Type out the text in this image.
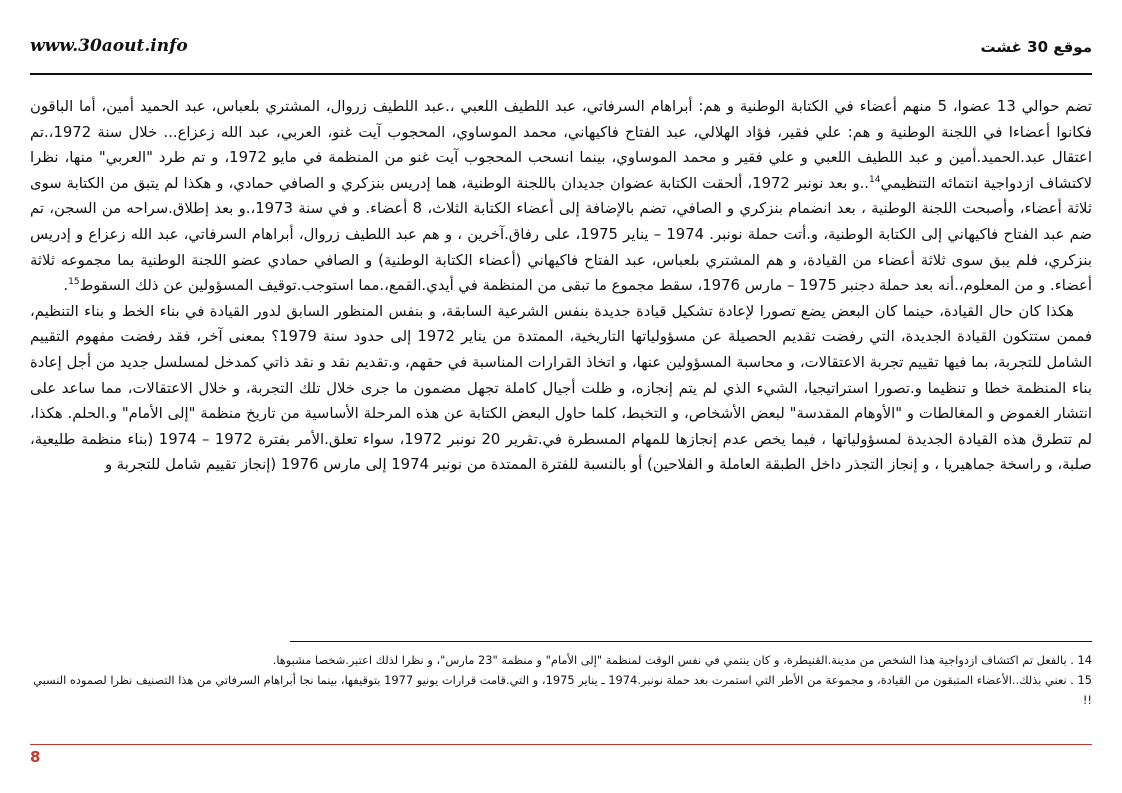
www.30aout.info	موقع 30 غشت

تضم حوالي 13 عضوا، 5 منهم أعضاء في الكتابة الوطنية و هم: أبراهام السرفاتي، عبد اللطيف اللعبي ،.عبد اللطيف زروال، المشتري بلعباس، عبد الحميد أمين، أما الباقون فكانوا أعضاءا في اللجنة الوطنية و هم: علي فقير، فؤاد الهلالي، عبد الفتاح فاكيهاني، محمد الموساوي، المحجوب آيت غنو، العربي، عبد الله زعزاع... خلال سنة 1972،.تم اعتقال عبد.الحميد.أمين و عبد اللطيف اللعبي و علي فقير و محمد الموساوي، بينما انسحب المحجوب آيت غنو من المنظمة في مايو 1972، و تم طرد "العربي" منها، نظرا لاكتشاف ازدواجية انتمائه التنظيمي$^{14}$..و بعد نونبر 1972، ألحقت الكتابة عضوان جديدان باللجنة الوطنية، هما إدريس بنزكري و الصافي حمادي، و هكذا لم يتبق من الكتابة سوى ثلاثة أعضاء، وأصبحت اللجنة الوطنية ، بعد انضمام بنزكري و الصافي، تضم بالإضافة إلى أعضاء الكتابة الثلاث، 8 أعضاء. و في سنة 1973،.و بعد إطلاق.سراحه من السجن، تم ضم عبد الفتاح فاكيهاني إلى الكتابة الوطنية، و.أتت حملة نونبر. 1974 – يناير 1975، على رفاق.آخرين ، و هم عبد اللطيف زروال، أبراهام السرفاتي، عبد الله زعزاع و إدريس بنزكري، فلم يبق سوى ثلاثة أعضاء من القيادة، و هم المشتري بلعباس، عبد الفتاح فاكيهاني (أعضاء الكتابة الوطنية) و الصافي حمادي عضو اللجنة الوطنية بما مجموعه ثلاثة أعضاء. و من المعلوم،.أنه بعد حملة دجنبر 1975 – مارس 1976، سقط مجموع ما تبقى من المنظمة في أيدي.القمع،.مما استوجب.توقيف المسؤولين عن ذلك السقوط$^{15}$.

هكذا كان حال القيادة، حينما كان البعض يضع تصورا لإعادة تشكيل قيادة جديدة بنفس الشرعية السابقة، و بنفس المنظور السابق لدور القيادة في بناء الخط و بناء التنظيم، فممن ستتكون القيادة الجديدة، التي رفضت تقديم الحصيلة عن مسؤولياتها التاريخية، الممتدة من يناير 1972 إلى حدود سنة 1979؟ بمعنى آخر، فقد رفضت مفهوم التقييم الشامل للتجربة، بما فيها تقييم تجربة الاعتقالات، و محاسبة المسؤولين عنها، و اتخاذ القرارات المناسبة في حقهم، و.تقديم نقد و نقد ذاتي كمدخل لمسلسل جديد من أجل إعادة بناء المنظمة خطا و تنظيما و.تصورا استراتيجيا، الشيء الذي لم يتم إنجازه، و ظلت أجيال كاملة تجهل مضمون ما جرى خلال تلك التجربة، و خلال الاعتقالات، مما ساعد على انتشار الغموض و المغالطات و "الأوهام المقدسة" لبعض الأشخاص، و التخبط، كلما حاول البعض الكتابة عن هذه المرحلة الأساسية من تاريخ منظمة "إلى الأمام" و.الحلم. هكذا، لم تتطرق هذه القيادة الجديدة لمسؤولياتها ، فيما يخص عدم إنجازها للمهام المسطرة في.تقرير 20 نونبر 1972، سواء تعلق.الأمر بفترة 1972 – 1974 (بناء منظمة طليعية، صلبة، و راسخة جماهيريا ، و إنجاز التجذر داخل الطبقة العاملة و الفلاحين) أو بالنسبة للفترة الممتدة من نونبر 1974 إلى مارس 1976 (إنجاز تقييم شامل للتجربة و

14 . بالفعل تم اكتشاف ازدواجية هذا الشخص من مدينة.القنيطرة، و كان ينتمي في نفس الوقت لمنظمة "إلى الأمام" و منظمة "23 مارس"، و نظرا لذلك اعتبر.شخصا مشبوها.

15 . نعني بذلك..الأعضاء المتبقون من القيادة، و مجموعة من الأطر التي استمرت بعد حملة نونبر.1974 ـ يناير 1975، و التي.قامت قرارات يونيو 1977 بتوقيفها، بينما نجا أبراهام السرفاتي من هذا التصنيف نظرا لصموده النسبي !!

8
